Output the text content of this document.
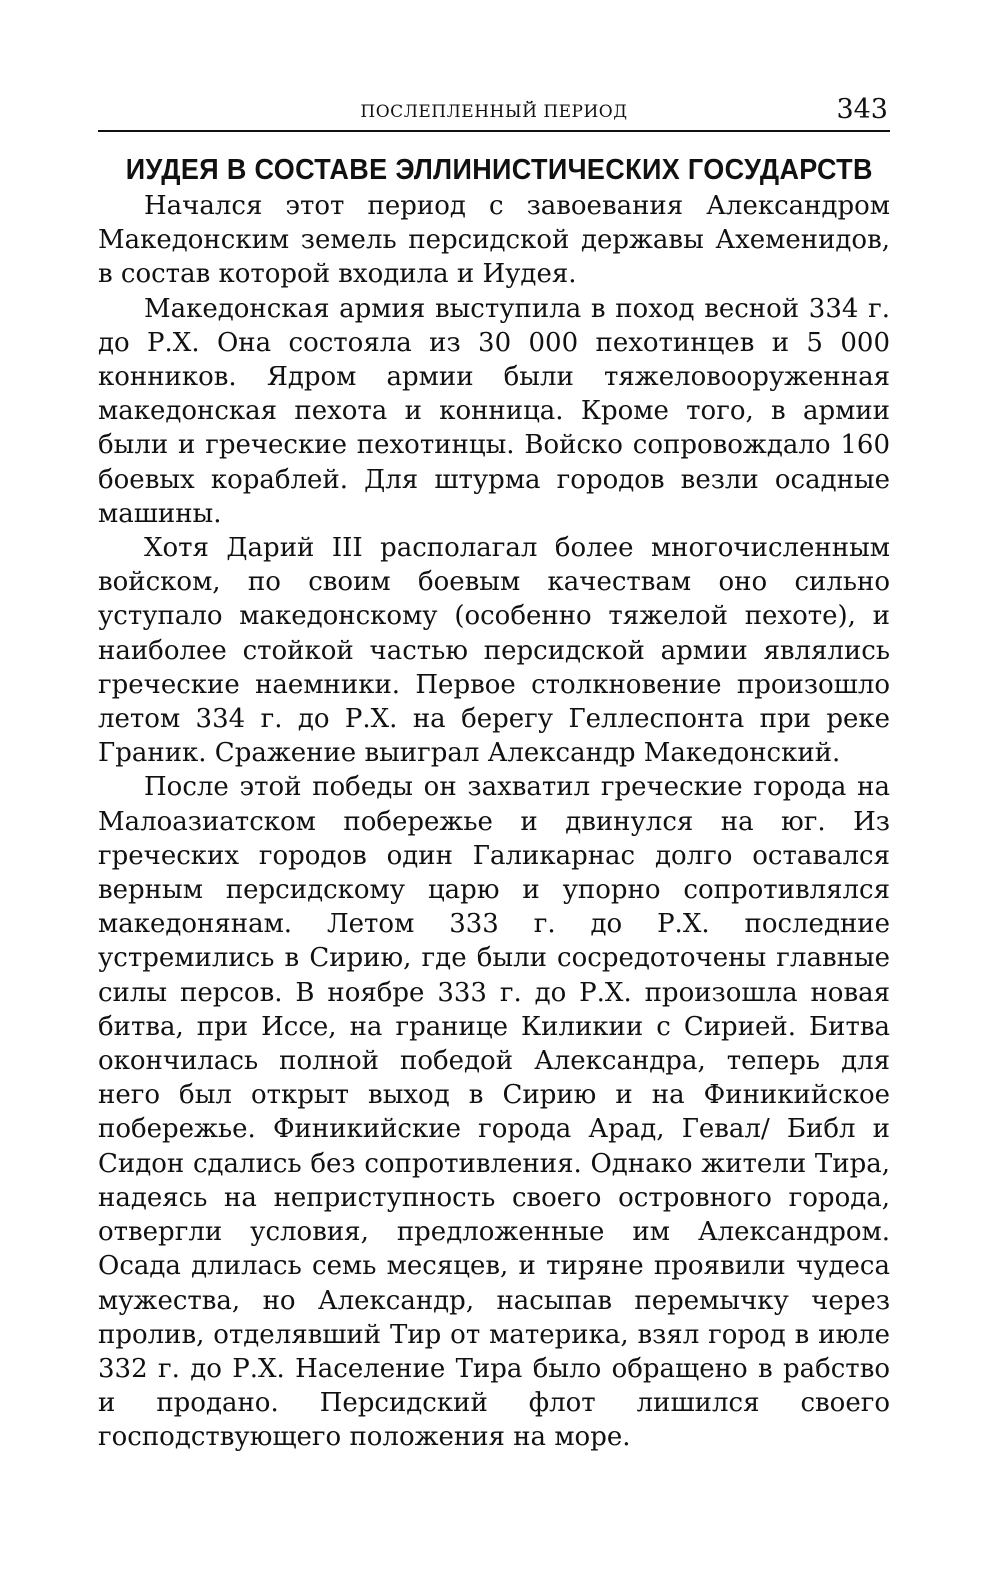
ПОСЛЕПЛЕННЫЙ ПЕРИОД	343
ИУДЕЯ В СОСТАВЕ ЭЛЛИНИСТИЧЕСКИХ ГОСУДАРСТВ

Начался этот период с завоевания Александром Македонским земель персидской державы Ахеменидов, в состав которой входила и Иудея.

Македонская армия выступила в поход весной 334 г. до Р.Х. Она состояла из 30 000 пехотинцев и 5 000 конников. Ядром армии были тяжеловооруженная македонская пехота и конница. Кроме того, в армии были и греческие пехотинцы. Войско сопровождало 160 боевых кораблей. Для штурма городов везли осадные машины.

Хотя Дарий III располагал более многочисленным войском, по своим боевым качествам оно сильно уступало македонскому (особенно тяжелой пехоте), и наиболее стойкой частью персидской армии являлись греческие наемники. Первое столкновение произошло летом 334 г. до Р.Х. на берегу Геллеспонта при реке Граник. Сражение выиграл Александр Македонский.

После этой победы он захватил греческие города на Малоазиатском побережье и двинулся на юг. Из греческих городов один Галикарнас долго оставался верным персидскому царю и упорно сопротивлялся македонянам. Летом 333 г. до Р.Х. последние устремились в Сирию, где были сосредоточены главные силы персов. В ноябре 333 г. до Р.Х. произошла новая битва, при Иссе, на границе Киликии с Сирией. Битва окончилась полной победой Александра, теперь для него был открыт выход в Сирию и на Финикийское побережье. Финикийские города Арад, Гевал/ Библ и Сидон сдались без сопротивления. Однако жители Тира, надеясь на неприступность своего островного города, отвергли условия, предложенные им Александром. Осада длилась семь месяцев, и тиряне проявили чудеса мужества, но Александр, насыпав перемычку через пролив, отделявший Тир от материка, взял город в июле 332 г. до Р.Х. Население Тира было обращено в рабство и продано. Персидский флот лишился своего господствующего положения на море.
